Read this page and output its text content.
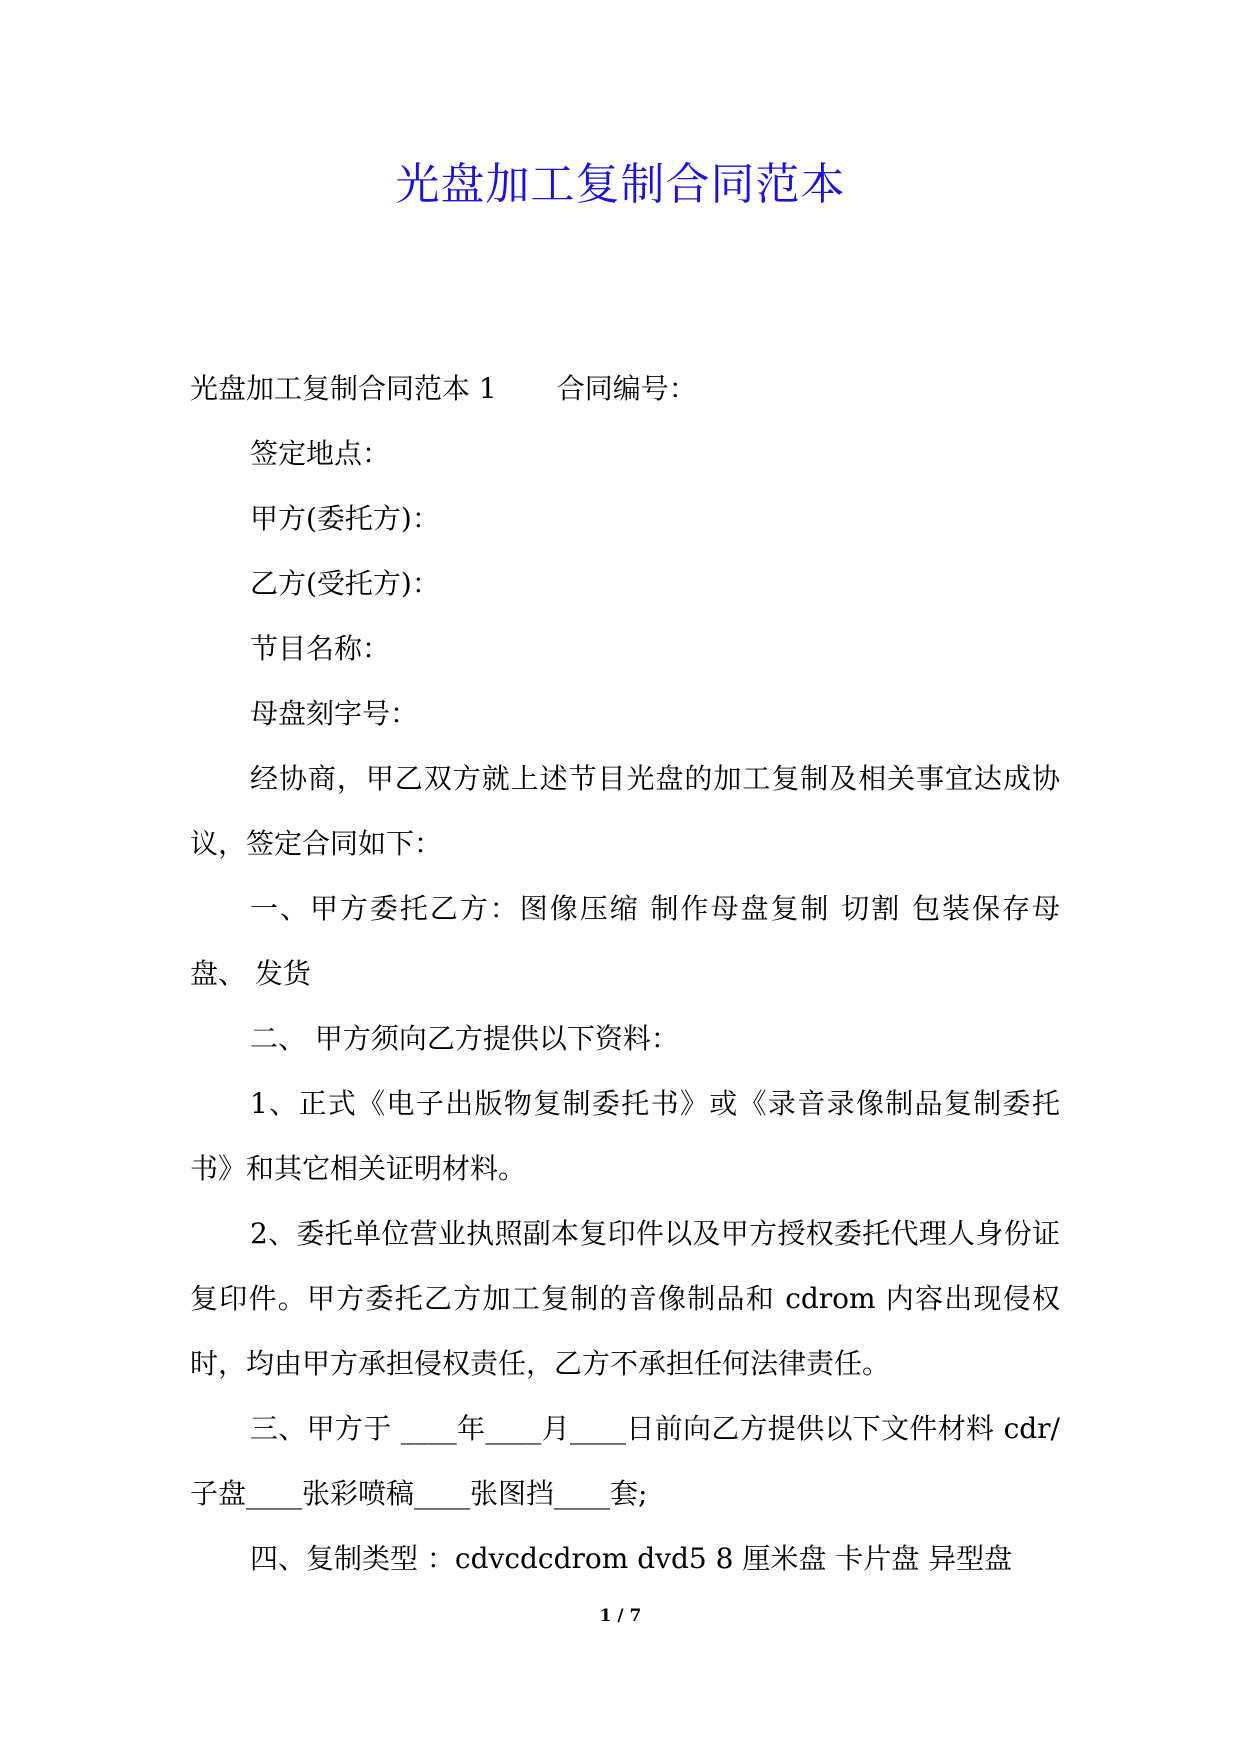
光盘加工复制合同范本

光盘加工复制合同范本 1 合同编号：

签定地点：

甲方(委托方)：

乙方(受托方)：

节目名称：

母盘刻字号：

经协商，甲乙双方就上述节目光盘的加工复制及相关事宜达成协议，签定合同如下：

一、甲方委托乙方：图像压缩 制作母盘复制 切割 包装保存母盘、 发货

二、 甲方须向乙方提供以下资料：

1、正式《电子出版物复制委托书》或《录音录像制品复制委托书》和其它相关证明材料。

2、委托单位营业执照副本复印件以及甲方授权委托代理人身份证复印件。甲方委托乙方加工复制的音像制品和 cdrom 内容出现侵权时，均由甲方承担侵权责任，乙方不承担任何法律责任。

三、甲方于 ____年____月____日前向乙方提供以下文件材料 cdr/子盘____张彩喷稿____张图挡____套;

四、复制类型 ：cdvcdcdrom dvd5 8 厘米盘 卡片盘 异型盘

1 / 7
